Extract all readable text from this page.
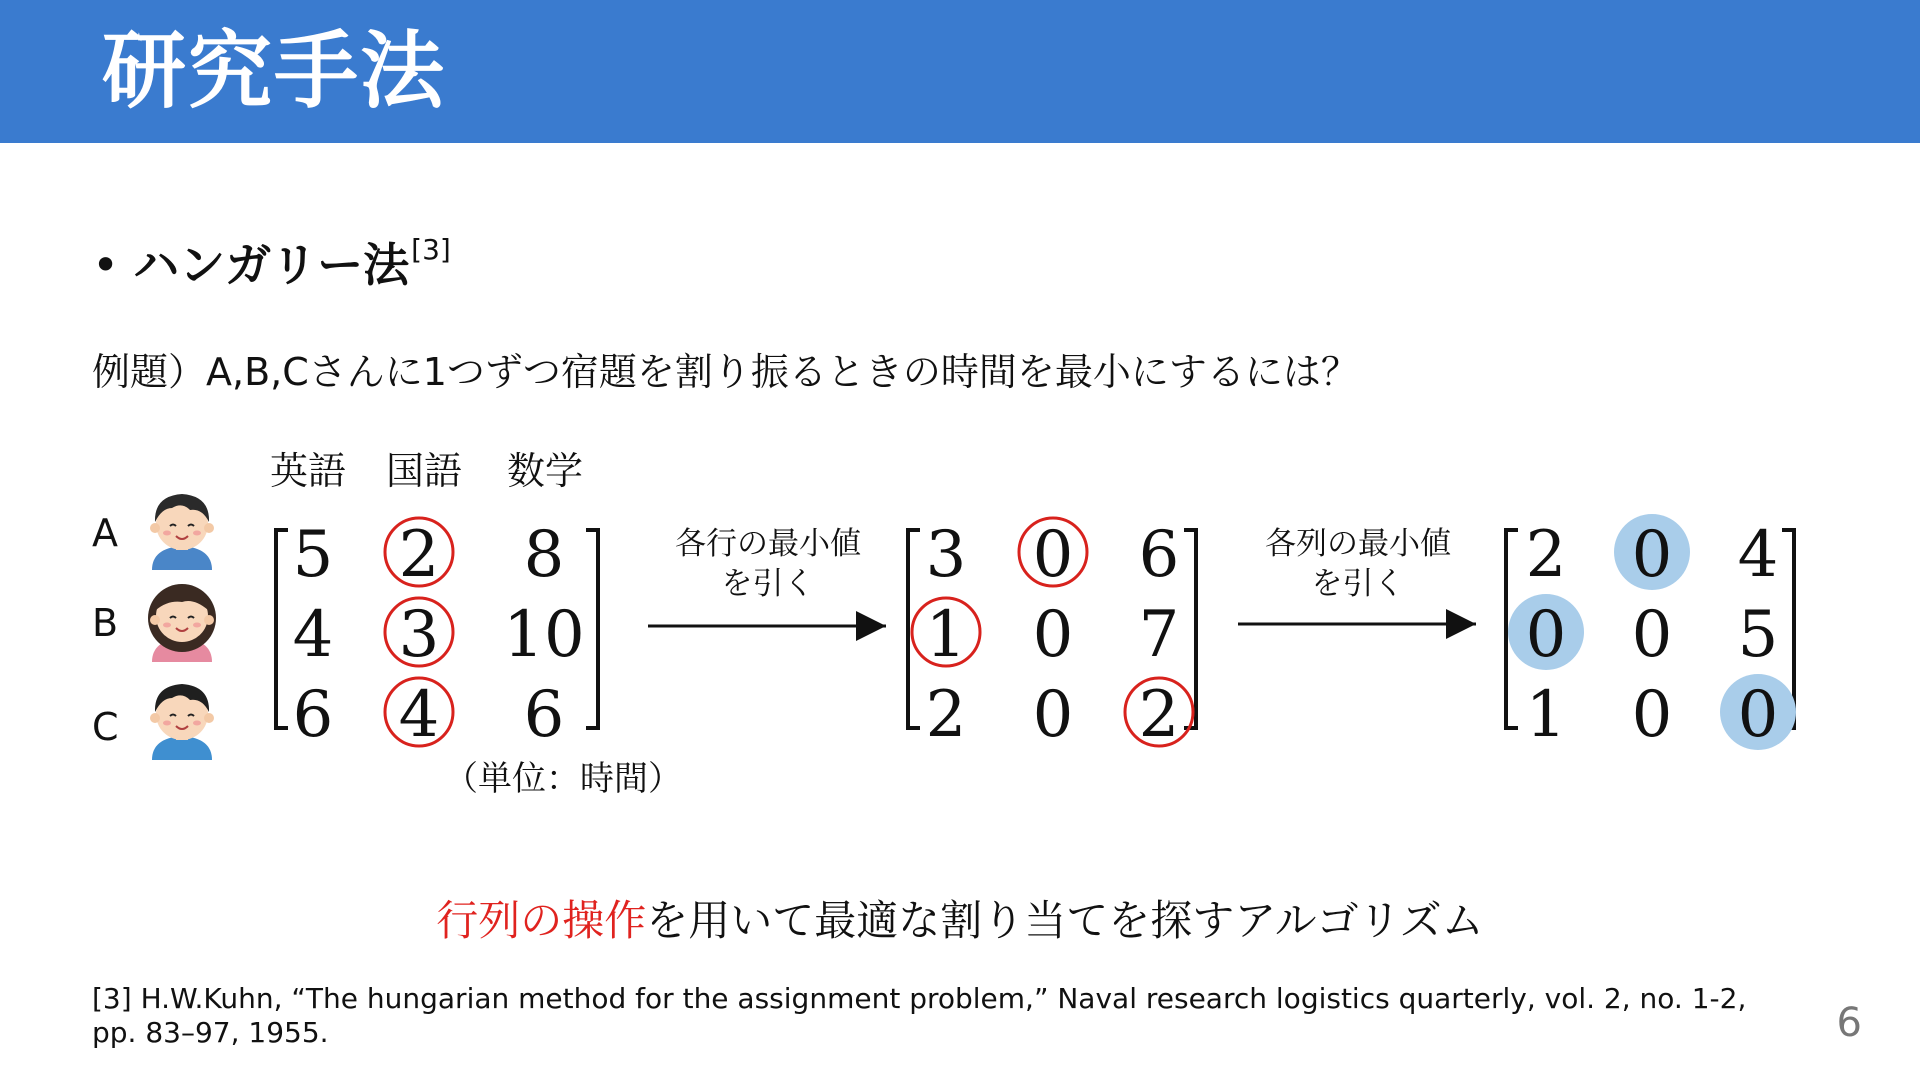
研究手法
• ハンガリー法[3]
例題）A,B,Cさんに1つずつ宿題を割り振るときの時間を最小にするには？
英語 国語 数学
A
B
C
5 2 8
4 3 10
6 4 6
3 0 6
1 0 7
2 0 2
2 0 4
0 0 5
1 0 0
各行の最小値
を引く
各列の最小値
を引く
（単位：時間）
行列の操作を用いて最適な割り当てを探すアルゴリズム
[3] H.W.Kuhn, “The hungarian method for the assignment problem,” Naval research logistics quarterly, vol. 2, no. 1-2, pp. 83–97, 1955.	6
